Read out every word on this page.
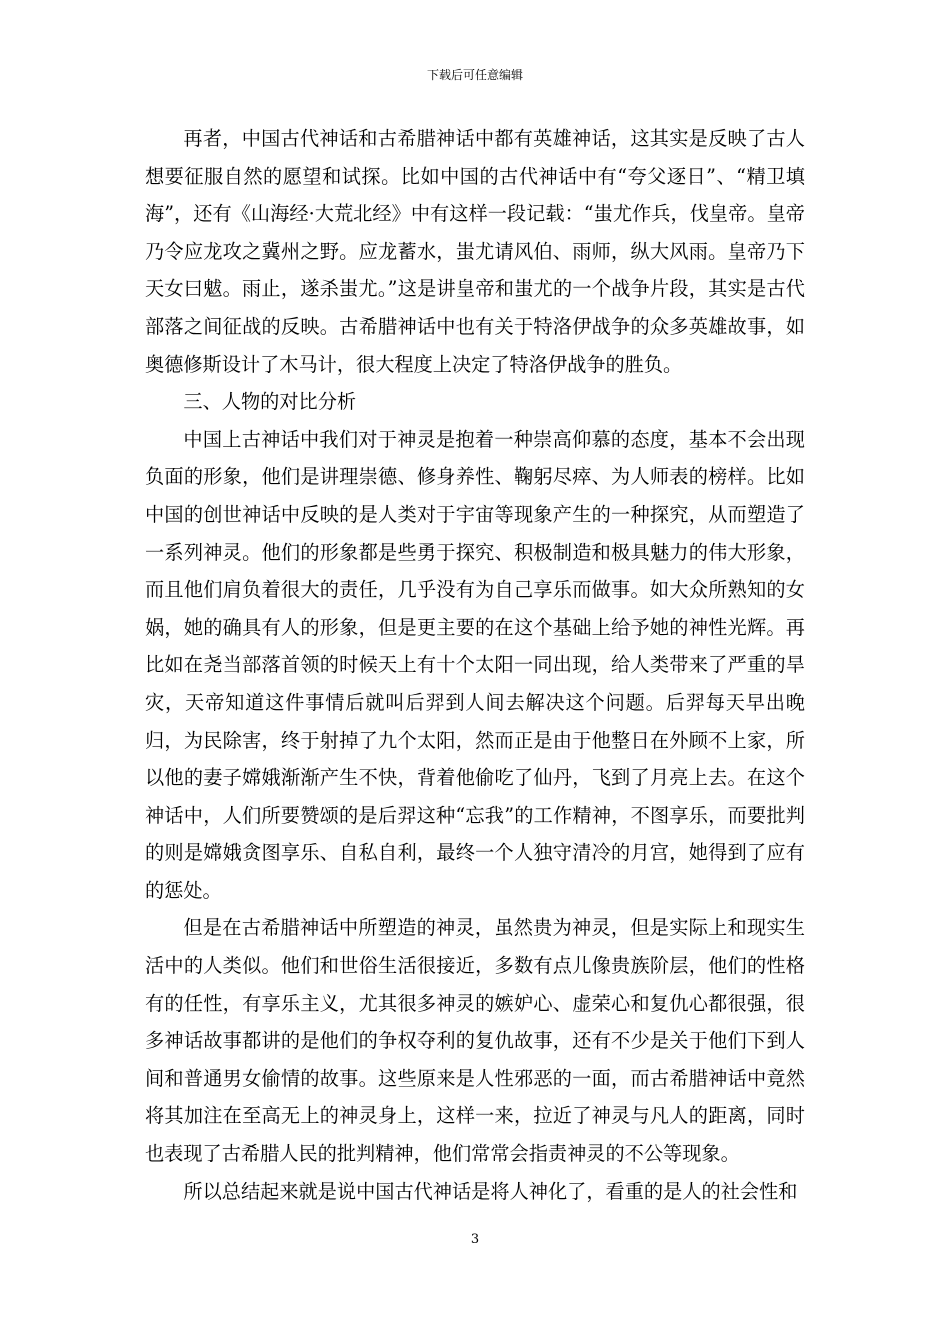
下载后可任意编辑

再者，中国古代神话和古希腊神话中都有英雄神话，这其实是反映了古人想要征服自然的愿望和试探。比如中国的古代神话中有“夸父逐日”、“精卫填海”，还有《山海经·大荒北经》中有这样一段记载：“蚩尤作兵，伐皇帝。皇帝乃令应龙攻之冀州之野。应龙蓄水，蚩尤请风伯、雨师，纵大风雨。皇帝乃下天女曰魃。雨止，遂杀蚩尤。”这是讲皇帝和蚩尤的一个战争片段，其实是古代部落之间征战的反映。古希腊神话中也有关于特洛伊战争的众多英雄故事，如奥德修斯设计了木马计，很大程度上决定了特洛伊战争的胜负。

三、人物的对比分析

中国上古神话中我们对于神灵是抱着一种崇高仰慕的态度，基本不会出现负面的形象，他们是讲理崇德、修身养性、鞠躬尽瘁、为人师表的榜样。比如中国的创世神话中反映的是人类对于宇宙等现象产生的一种探究，从而塑造了一系列神灵。他们的形象都是些勇于探究、积极制造和极具魅力的伟大形象，而且他们肩负着很大的责任，几乎没有为自己享乐而做事。如大众所熟知的女娲，她的确具有人的形象，但是更主要的在这个基础上给予她的神性光辉。再比如在尧当部落首领的时候天上有十个太阳一同出现，给人类带来了严重的旱灾，天帝知道这件事情后就叫后羿到人间去解决这个问题。后羿每天早出晚归，为民除害，终于射掉了九个太阳，然而正是由于他整日在外顾不上家，所以他的妻子嫦娥渐渐产生不快，背着他偷吃了仙丹，飞到了月亮上去。在这个神话中，人们所要赞颂的是后羿这种“忘我”的工作精神，不图享乐，而要批判的则是嫦娥贪图享乐、自私自利，最终一个人独守清冷的月宫，她得到了应有的惩处。

但是在古希腊神话中所塑造的神灵，虽然贵为神灵，但是实际上和现实生活中的人类似。他们和世俗生活很接近，多数有点儿像贵族阶层，他们的性格有的任性，有享乐主义，尤其很多神灵的嫉妒心、虚荣心和复仇心都很强，很多神话故事都讲的是他们的争权夺利的复仇故事，还有不少是关于他们下到人间和普通男女偷情的故事。这些原来是人性邪恶的一面，而古希腊神话中竟然将其加注在至高无上的神灵身上，这样一来，拉近了神灵与凡人的距离，同时也表现了古希腊人民的批判精神，他们常常会指责神灵的不公等现象。

所以总结起来就是说中国古代神话是将人神化了，看重的是人的社会性和

3
